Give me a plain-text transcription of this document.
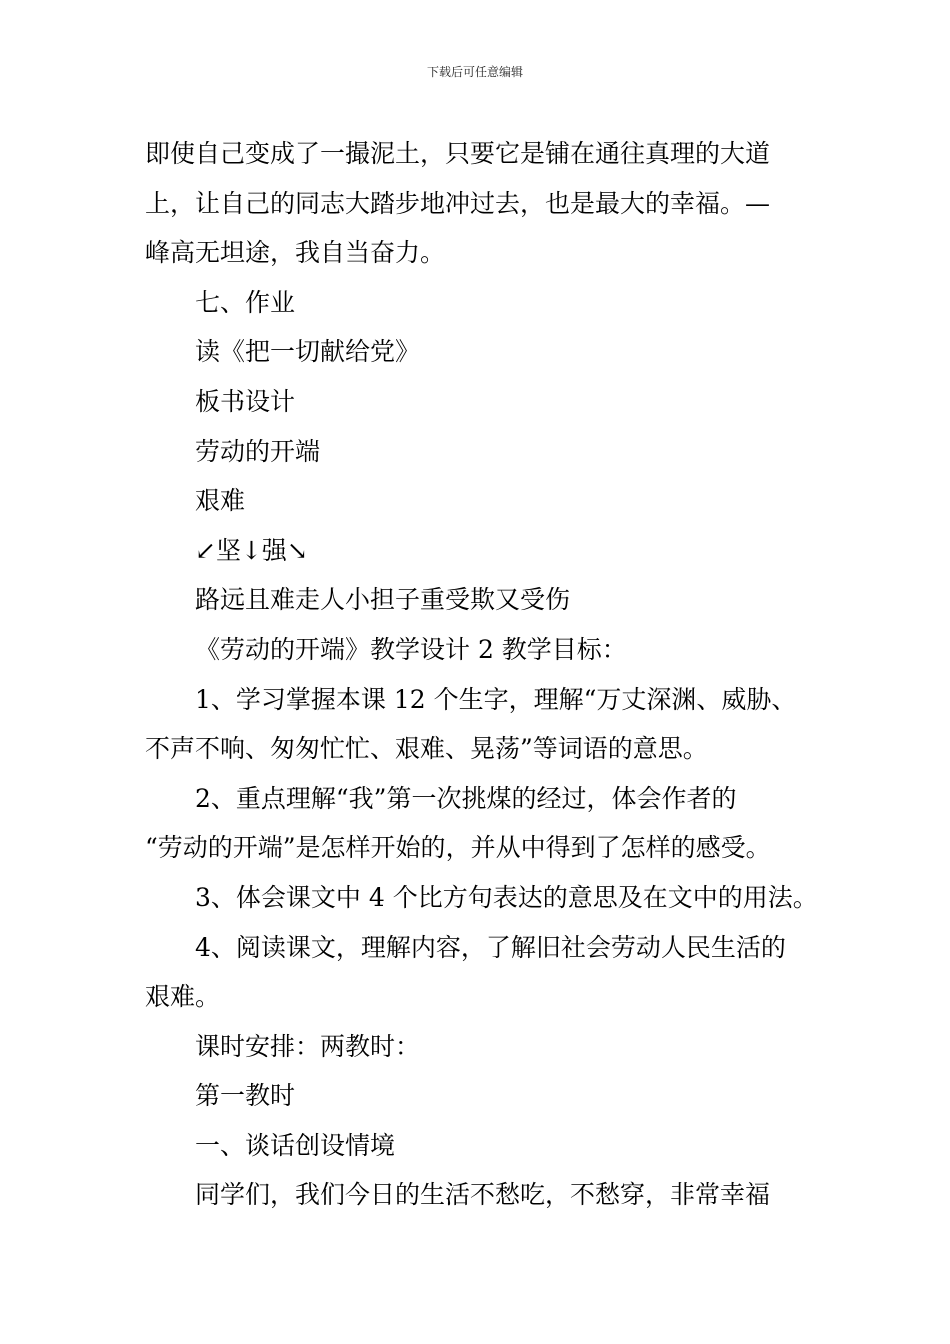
下载后可任意编辑

即使自己变成了一撮泥土，只要它是铺在通往真理的大道

上，让自己的同志大踏步地冲过去，也是最大的幸福。—

峰高无坦途，我自当奋力。

七、作业

读《把一切献给党》

板书设计

劳动的开端

艰难

↙坚↓强↘

路远且难走人小担子重受欺又受伤

《劳动的开端》教学设计 2 教学目标：

1、学习掌握本课 12 个生字，理解“万丈深渊、威胁、

不声不响、匆匆忙忙、艰难、晃荡”等词语的意思。

2、重点理解“我”第一次挑煤的经过，体会作者的

“劳动的开端”是怎样开始的，并从中得到了怎样的感受。

3、体会课文中 4 个比方句表达的意思及在文中的用法。

4、阅读课文，理解内容，了解旧社会劳动人民生活的

艰难。

课时安排：两教时：

第一教时

一、谈话创设情境

同学们，我们今日的生活不愁吃，不愁穿，非常幸福
